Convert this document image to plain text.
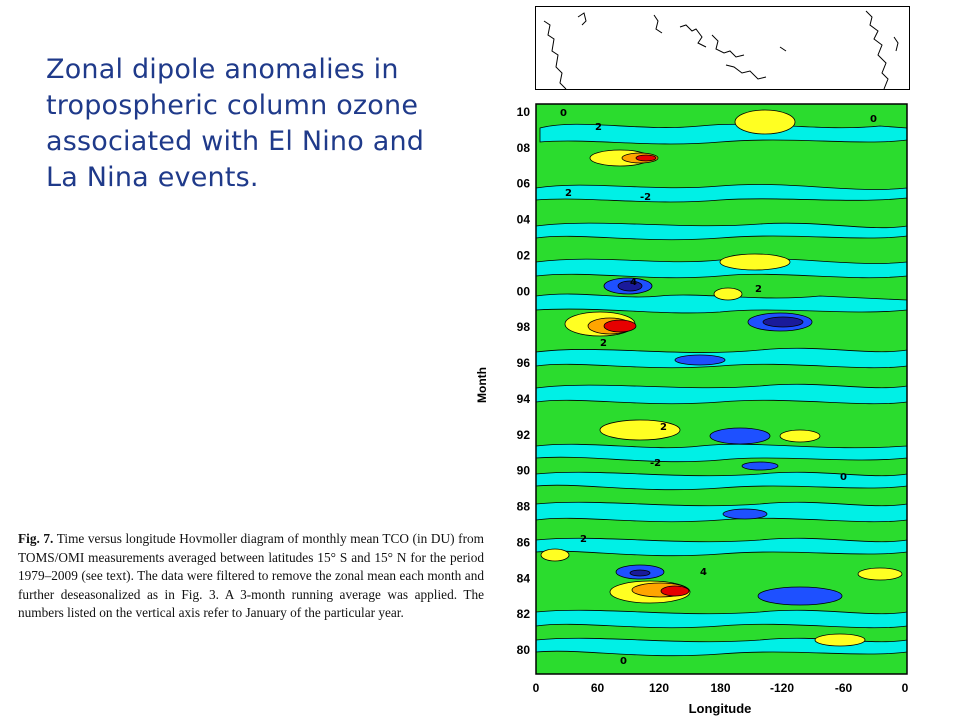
Zonal dipole anomalies in tropospheric column ozone associated with El Nino and La Nina events.
0
2
0
2	-2
4
2
2
2
-2
0
2
4
0
10
08
06
04
02
00
98
96
94
92
90
88
86
84
82
80
0	60	120	180	-120	-60	0
Month
Longitude

Fig. 7. Time versus longitude Hovmoller diagram of monthly mean TCO (in DU) from TOMS/OMI measurements averaged between latitudes 15° S and 15° N for the period 1979–2009 (see text). The data were filtered to remove the zonal mean each month and further deseasonalized as in Fig. 3. A 3-month running average was applied. The numbers listed on the vertical axis refer to January of the particular year.
